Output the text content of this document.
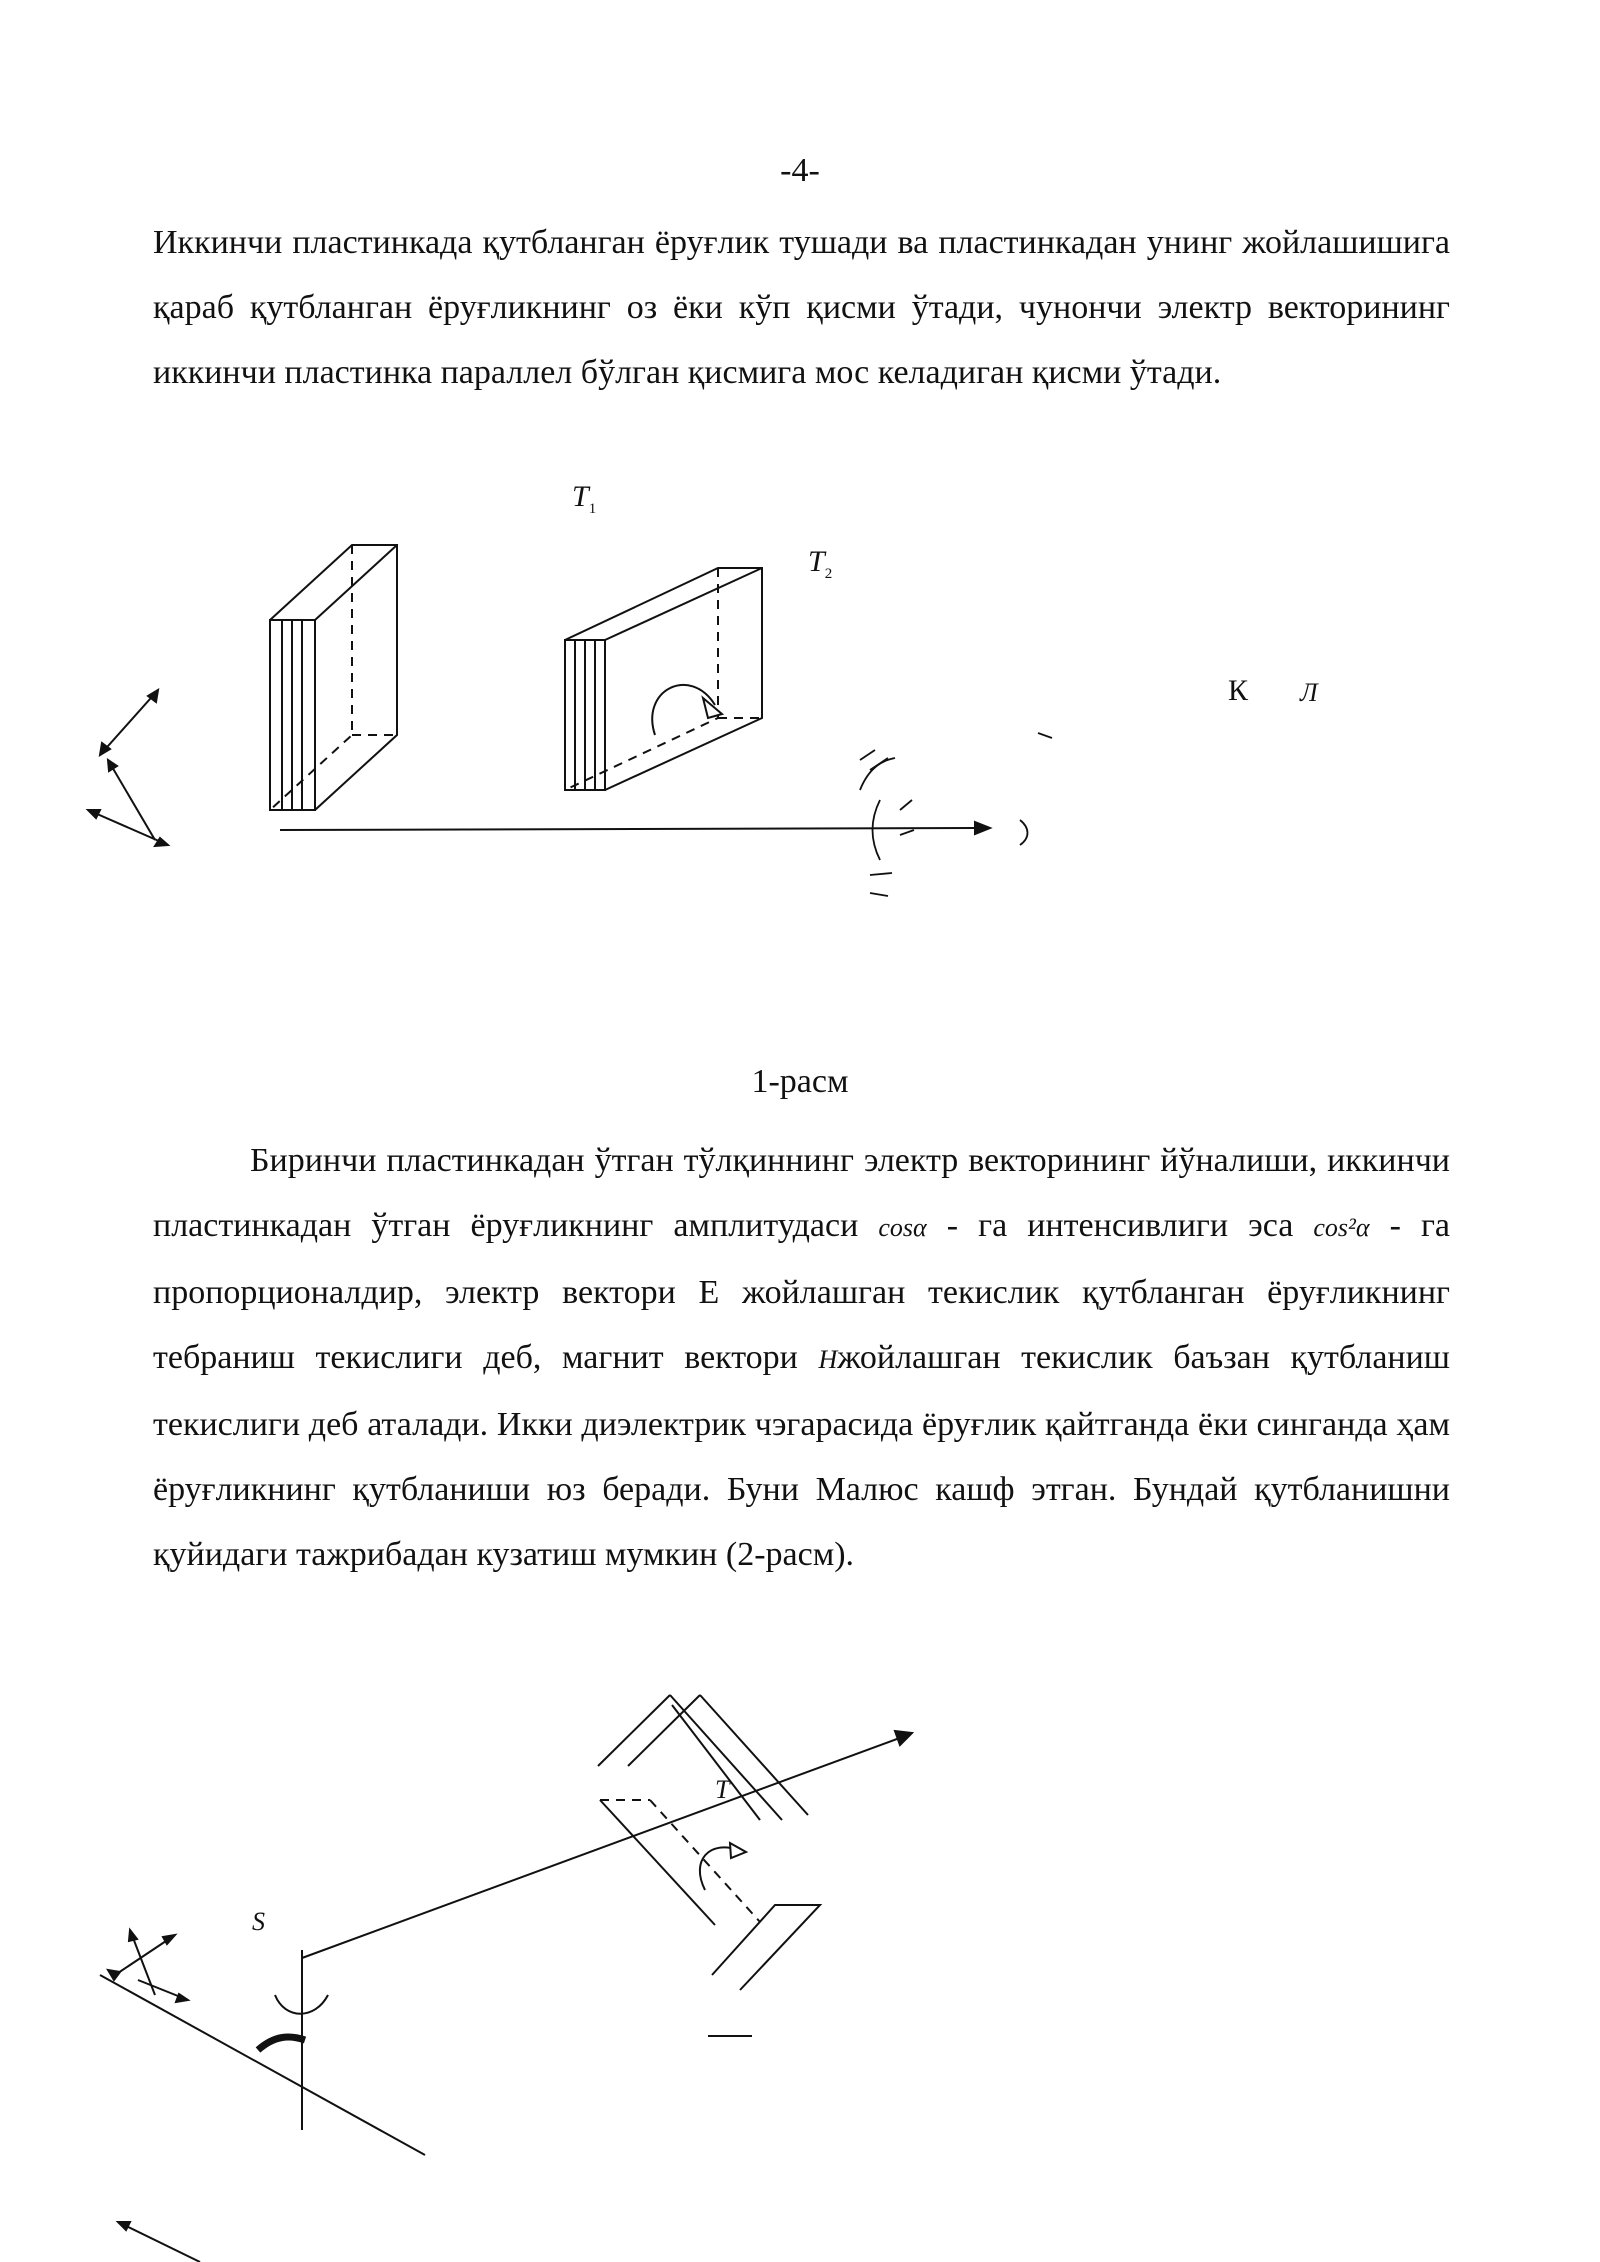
-4-

Иккинчи пластинкада қутбланган ёруғлик тушади ва пластинкадан унинг жойлашишига қараб қутбланган ёруғликнинг оз ёки кўп қисми ўтади, чунончи электр векторининг иккинчи пластинка параллел бўлган қисмига мос келадиган қисми ўтади.

$T_1$
$T_2$
К Л
1-расм

Биринчи пластинкадан ўтган тўлқиннинг электр векторининг йўналиши, иккинчи пластинкадан ўтган ёруғликнинг амплитудаси cosα - га интенсивлиги эса cos²α - га пропорционалдир, электр вектори Е жойлашган текислик қутбланган ёруғликнинг тебраниш текислиги деб, магнит вектори Hжойлашган текислик баъзан қутбланиш текислиги деб аталади. Икки диэлектрик чэгарасида ёруғлик қайтганда ёки синганда ҳам ёруғликнинг қутбланиши юз беради. Буни Малюс кашф этган. Бундай қутбланишни қуйидаги тажрибадан кузатиш мумкин (2-расм).

T
S
